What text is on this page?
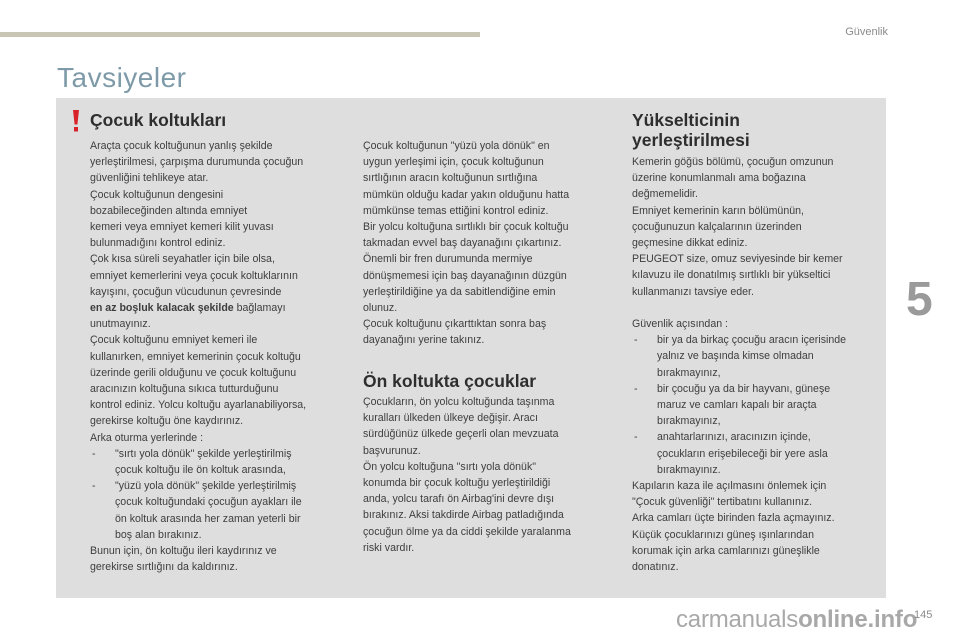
Güvenlik
5
Tavsiyeler
Çocuk koltukları
Araçta çocuk koltuğunun yanlış şekilde
yerleştirilmesi, çarpışma durumunda çocuğun
güvenliğini tehlikeye atar.
Çocuk koltuğunun dengesini
bozabileceğinden altında emniyet
kemeri veya emniyet kemeri kilit yuvası
bulunmadığını kontrol ediniz.
Çok kısa süreli seyahatler için bile olsa,
emniyet kemerlerini veya çocuk koltuklarının
kayışını, çocuğun vücudunun çevresinde
en az boşluk kalacak şekilde bağlamayı
unutmayınız.
Çocuk koltuğunu emniyet kemeri ile
kullanırken, emniyet kemerinin çocuk koltuğu
üzerinde gerili olduğunu ve çocuk koltuğunu
aracınızın koltuğuna sıkıca tutturduğunu
kontrol ediniz. Yolcu koltuğu ayarlanabiliyorsa,
gerekirse koltuğu öne kaydırınız.
Arka oturma yerlerinde :
- "sırtı yola dönük" şekilde yerleştirilmiş
çocuk koltuğu ile ön koltuk arasında,
- "yüzü yola dönük" şekilde yerleştirilmiş
çocuk koltuğundaki çocuğun ayakları ile
ön koltuk arasında her zaman yeterli bir
boş alan bırakınız.
Bunun için, ön koltuğu ileri kaydırınız ve
gerekirse sırtlığını da kaldırınız.
Çocuk koltuğunun "yüzü yola dönük" en
uygun yerleşimi için, çocuk koltuğunun
sırtlığının aracın koltuğunun sırtlığına
mümkün olduğu kadar yakın olduğunu hatta
mümkünse temas ettiğini kontrol ediniz.
Bir yolcu koltuğuna sırtlıklı bir çocuk koltuğu
takmadan evvel baş dayanağını çıkartınız.
Önemli bir fren durumunda mermiye
dönüşmemesi için baş dayanağının düzgün
yerleştirildiğine ya da sabitlendiğine emin
olunuz.
Çocuk koltuğunu çıkarttıktan sonra baş
dayanağını yerine takınız.
Ön koltukta çocuklar
Çocukların, ön yolcu koltuğunda taşınma
kuralları ülkeden ülkeye değişir. Aracı
sürdüğünüz ülkede geçerli olan mevzuata
başvurunuz.
Ön yolcu koltuğuna "sırtı yola dönük"
konumda bir çocuk koltuğu yerleştirildiği
anda, yolcu tarafı ön Airbag'ini devre dışı
bırakınız. Aksi takdirde Airbag patladığında
çocuğun ölme ya da ciddi şekilde yaralanma
riski vardır.
Yükselticinin
yerleştirilmesi
Kemerin göğüs bölümü, çocuğun omzunun
üzerine konumlanmalı ama boğazına
değmemelidir.
Emniyet kemerinin karın bölümünün,
çocuğunuzun kalçalarının üzerinden
geçmesine dikkat ediniz.
PEUGEOT size, omuz seviyesinde bir kemer
kılavuzu ile donatılmış sırtlıklı bir yükseltici
kullanmanızı tavsiye eder.
Güvenlik açısından :
- bir ya da birkaç çocuğu aracın içerisinde
yalnız ve başında kimse olmadan
bırakmayınız,
- bir çocuğu ya da bir hayvanı, güneşe
maruz ve camları kapalı bir araçta
bırakmayınız,
- anahtarlarınızı, aracınızın içinde,
çocukların erişebileceği bir yere asla
bırakmayınız.
Kapıların kaza ile açılmasını önlemek için
"Çocuk güvenliği" tertibatını kullanınız.
Arka camları üçte birinden fazla açmayınız.
Küçük çocuklarınızı güneş ışınlarından
korumak için arka camlarınızı güneşlikle
donatınız.
carmanualsonline.info
145
